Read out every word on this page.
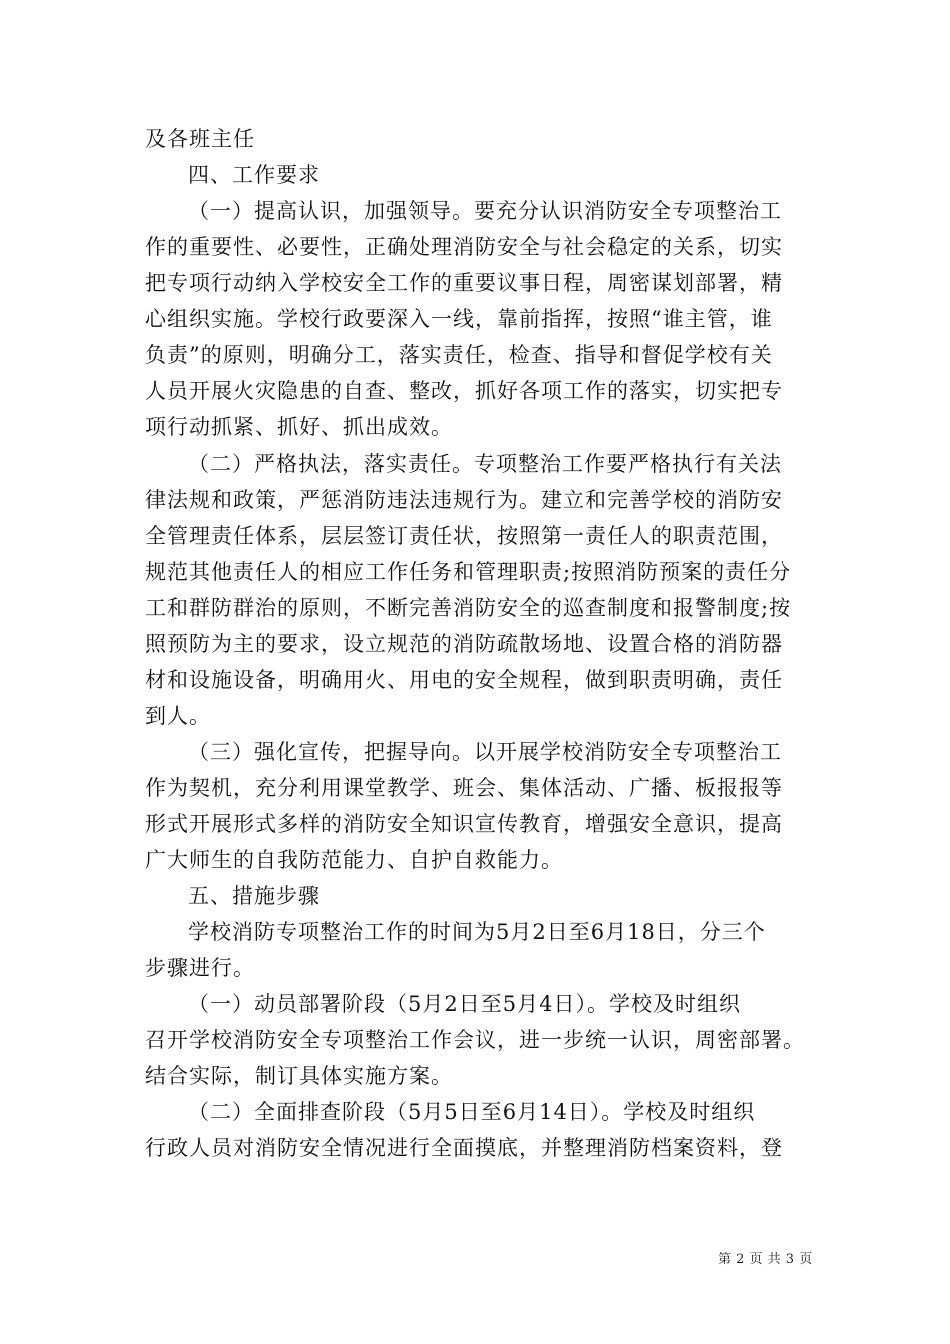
及各班主任
四、工作要求
（一）提高认识，加强领导。要充分认识消防安全专项整治工
作的重要性、必要性，正确处理消防安全与社会稳定的关系，切实
把专项行动纳入学校安全工作的重要议事日程，周密谋划部署，精
心组织实施。学校行政要深入一线，靠前指挥，按照“谁主管，谁
负责”的原则，明确分工，落实责任，检查、指导和督促学校有关
人员开展火灾隐患的自查、整改，抓好各项工作的落实，切实把专
项行动抓紧、抓好、抓出成效。
（二）严格执法，落实责任。专项整治工作要严格执行有关法
律法规和政策，严惩消防违法违规行为。建立和完善学校的消防安
全管理责任体系，层层签订责任状，按照第一责任人的职责范围，
规范其他责任人的相应工作任务和管理职责;按照消防预案的责任分
工和群防群治的原则，不断完善消防安全的巡查制度和报警制度;按
照预防为主的要求，设立规范的消防疏散场地、设置合格的消防器
材和设施设备，明确用火、用电的安全规程，做到职责明确，责任
到人。
（三）强化宣传，把握导向。以开展学校消防安全专项整治工
作为契机，充分利用课堂教学、班会、集体活动、广播、板报报等
形式开展形式多样的消防安全知识宣传教育，增强安全意识，提高
广大师生的自我防范能力、自护自救能力。
五、措施步骤
学校消防专项整治工作的时间为5月2日至6月18日，分三个
步骤进行。
（一）动员部署阶段（5月2日至5月4日）。学校及时组织
召开学校消防安全专项整治工作会议，进一步统一认识，周密部署。
结合实际，制订具体实施方案。
（二）全面排查阶段（5月5日至6月14日）。学校及时组织
行政人员对消防安全情况进行全面摸底，并整理消防档案资料，登
第 2 页 共 3 页
